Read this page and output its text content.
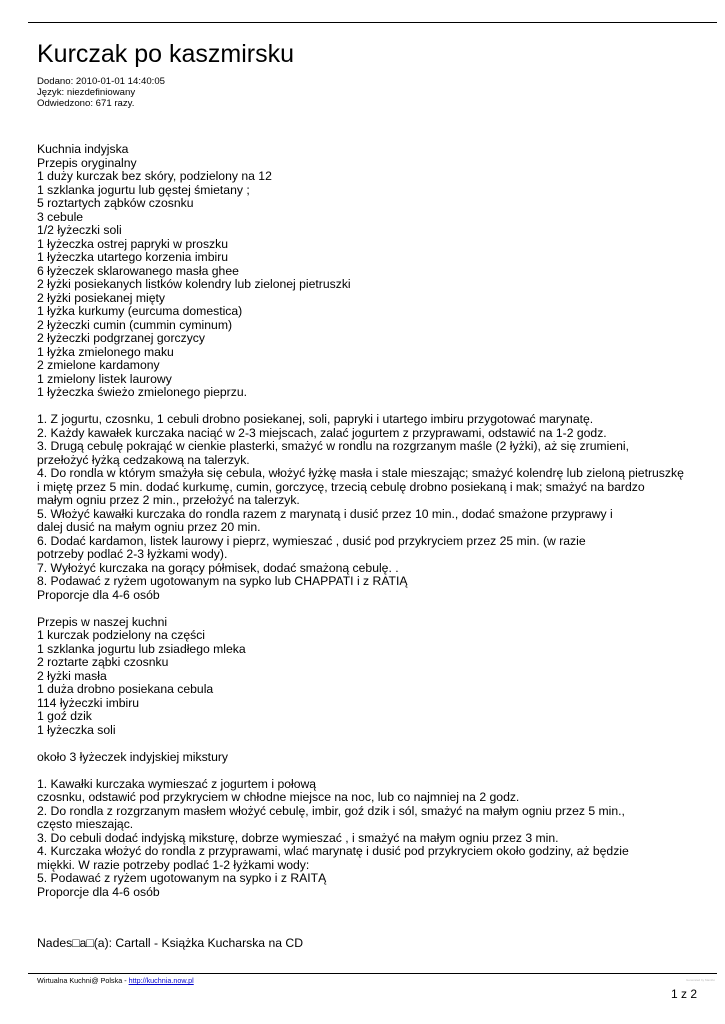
Kurczak po kaszmirsku
Dodano: 2010-01-01 14:40:05
Język: niezdefiniowany
Odwiedzono: 671 razy.
Kuchnia indyjska
Przepis oryginalny
1 duży kurczak bez skóry, podzielony na 12
1 szklanka jogurtu lub gęstej śmietany ;
5 roztartych ząbków czosnku
3 cebule
1/2 łyżeczki soli
1 łyżeczka ostrej papryki w proszku
1 łyżeczka utartego korzenia imbiru
6 łyżeczek sklarowanego masła ghee
2 łyżki posiekanych listków kolendry lub zielonej pietruszki
2 łyżki posiekanej mięty
1 łyżka kurkumy (eurcuma domestica)
2 łyżeczki cumin (cummin cyminum)
2 łyżeczki podgrzanej gorczycy
1 łyżka zmielonego maku
2 zmielone kardamony
1 zmielony listek laurowy
1 łyżeczka świeżo zmielonego pieprzu.
1. Z jogurtu, czosnku, 1 cebuli drobno posiekanej, soli, papryki i utartego imbiru przygotować marynatę.
2. Każdy kawałek kurczaka naciąć w 2-3 miejscach, zalać jogurtem z przyprawami, odstawić na 1-2 godz.
3. Drugą cebulę pokrająć w cienkie plasterki, smażyć w rondlu na rozgrzanym maśle (2 łyżki), aż się zrumieni,
przełożyć łyżką cedzakową na talerzyk.
4. Do rondla w którym smażyła się cebula, włożyć łyżkę masła i stale mieszając; smażyć kolendrę lub zieloną pietruszkę
i miętę przez 5 min. dodać kurkumę, cumin, gorczycę, trzecią cebulę drobno posiekaną i mak; smażyć na bardzo
małym ogniu przez 2 min., przełożyć na talerzyk.
5. Włożyć kawałki kurczaka do rondla razem z marynatą i dusić przez 10 min., dodać smażone przyprawy i
dalej dusić na małym ogniu przez 20 min.
6. Dodać kardamon, listek laurowy i pieprz, wymieszać , dusić pod przykryciem przez 25 min. (w razie
potrzeby podlać 2-3 łyżkami wody).
7. Wyłożyć kurczaka na gorący półmisek, dodać smażoną cebulę. .
8. Podawać z ryżem ugotowanym na sypko lub CHAPPATI i z RATIĄ
Proporcje dla 4-6 osób
Przepis w naszej kuchni
1 kurczak podzielony na części
1 szklanka jogurtu lub zsiadłego mleka
2 roztarte ząbki czosnku
2 łyżki masła
1 duża drobno posiekana cebula
114 łyżeczki imbiru
1 goź dzik
1 łyżeczka soli
około 3 łyżeczek indyjskiej mikstury
1. Kawałki kurczaka wymieszać z jogurtem i połową
czosnku, odstawić pod przykryciem w chłodne miejsce na noc, lub co najmniej na 2 godz.
2. Do rondla z rozgrzanym masłem włożyć cebulę, imbir, goź dzik i sól, smażyć na małym ogniu przez 5 min.,
często mieszając.
3. Do cebuli dodać indyjską miksturę, dobrze wymieszać , i smażyć na małym ogniu przez 3 min.
4. Kurczaka włożyć do rondla z przyprawami, wlać marynatę i dusić pod przykryciem około godziny, aż będzie
miękki. W razie potrzeby podlać 1-2 łyżkami wody:
5. Podawać z ryżem ugotowanym na sypko i z RAITĄ
Proporcje dla 4-6 osób
Nades□a□(a): Cartall - Książka Kucharska na CD
Wirtualna Kuchni@ Polska - http://kuchnia.now.pl	Generated by Mambo
1 z 2
